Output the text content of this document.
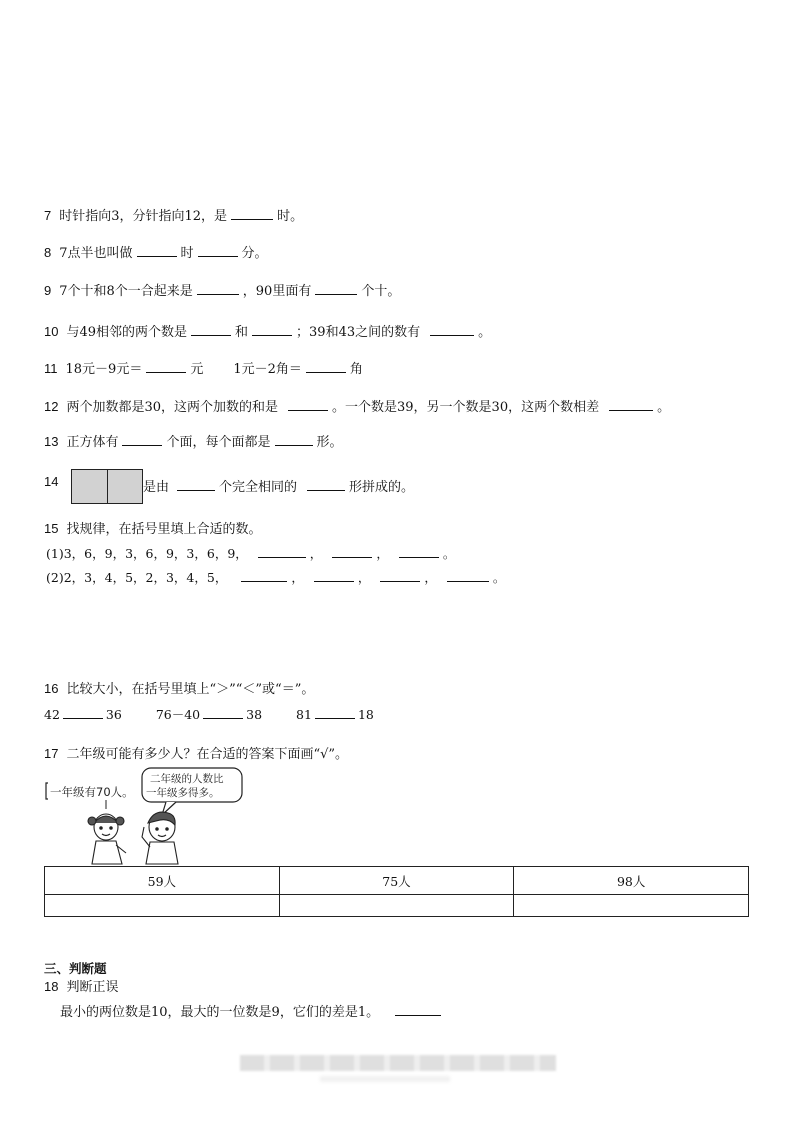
7 时针指向3，分针指向12，是	时。
8 7点半也叫做	时	分。
9 7个十和8个一合起来是	，90里面有	个十。
10 与49相邻的两个数是	和	；39和43之间的数有	。
11 18元－9元＝	元 1元－2角＝	角
12 两个加数都是30，这两个加数的和是	。一个数是39，另一个数是30，这两个数相差	。
13 正方体有	个面，每个面都是	形。
14	是由	个完全相同的	形拼成的。
15 找规律，在括号里填上合适的数。
(1)3，6，9，3，6，9，3，6，9，	，	，	。
(2)2，3，4，5，2，3，4，5，	，	，	，	。
16 比较大小，在括号里填上“＞”“＜”或“＝”。
42	36	76－40	38	81	18
17 二年级可能有多少人？在合适的答案下面画“√”。
一年级有70人。
二年级的人数比
一年级多得多。
59人	75人	98人

三、判断题
18 判断正误
最小的两位数是10，最大的一位数是9，它们的差是1。
